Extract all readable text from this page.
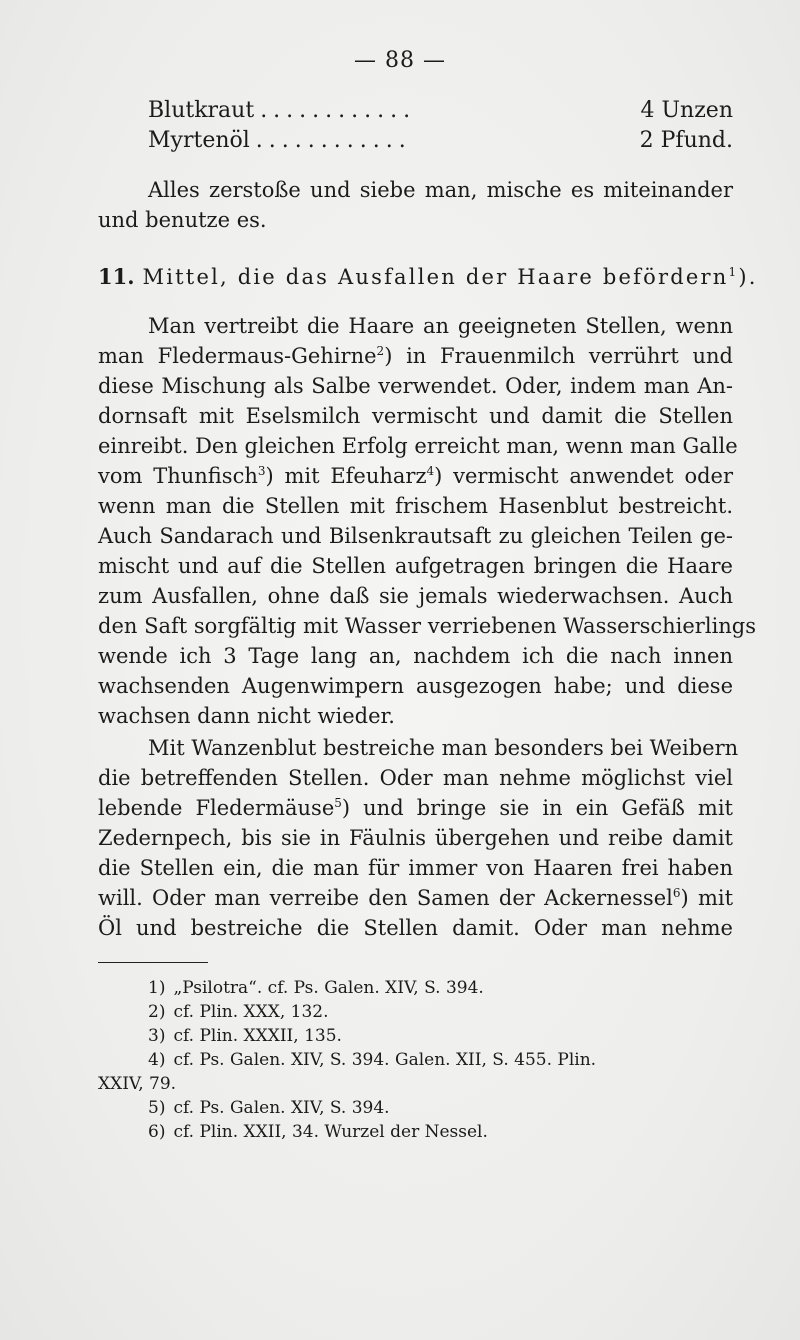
— 88 —
Blutkraut ............	4 Unzen
Myrtenöl ............	2 Pfund.
Alles zerstoße und siebe man, mische es miteinander
und benutze es.
11. Mittel, die das Ausfallen der Haare befördern$^1$).
Man vertreibt die Haare an geeigneten Stellen, wenn
man Fledermaus-Gehirne$^2$) in Frauenmilch verrührt und
diese Mischung als Salbe verwendet. Oder, indem man An-
dornsaft mit Eselsmilch vermischt und damit die Stellen
einreibt. Den gleichen Erfolg erreicht man, wenn man Galle
vom Thunfisch$^3$) mit Efeuharz$^4$) vermischt anwendet oder
wenn man die Stellen mit frischem Hasenblut bestreicht.
Auch Sandarach und Bilsenkrautsaft zu gleichen Teilen ge-
mischt und auf die Stellen aufgetragen bringen die Haare
zum Ausfallen, ohne daß sie jemals wiederwachsen. Auch
den Saft sorgfältig mit Wasser verriebenen Wasserschierlings
wende ich 3 Tage lang an, nachdem ich die nach innen
wachsenden Augenwimpern ausgezogen habe; und diese
wachsen dann nicht wieder.
Mit Wanzenblut bestreiche man besonders bei Weibern
die betreffenden Stellen. Oder man nehme möglichst viel
lebende Fledermäuse$^5$) und bringe sie in ein Gefäß mit
Zedernpech, bis sie in Fäulnis übergehen und reibe damit
die Stellen ein, die man für immer von Haaren frei haben
will. Oder man verreibe den Samen der Ackernessel$^6$) mit
Öl und bestreiche die Stellen damit. Oder man nehme
1) „Psilotra“. cf. Ps. Galen. XIV, S. 394.
2) cf. Plin. XXX, 132.
3) cf. Plin. XXXII, 135.
4) cf. Ps. Galen. XIV, S. 394. Galen. XII, S. 455. Plin.
XXIV, 79.
5) cf. Ps. Galen. XIV, S. 394.
6) cf. Plin. XXII, 34. Wurzel der Nessel.
